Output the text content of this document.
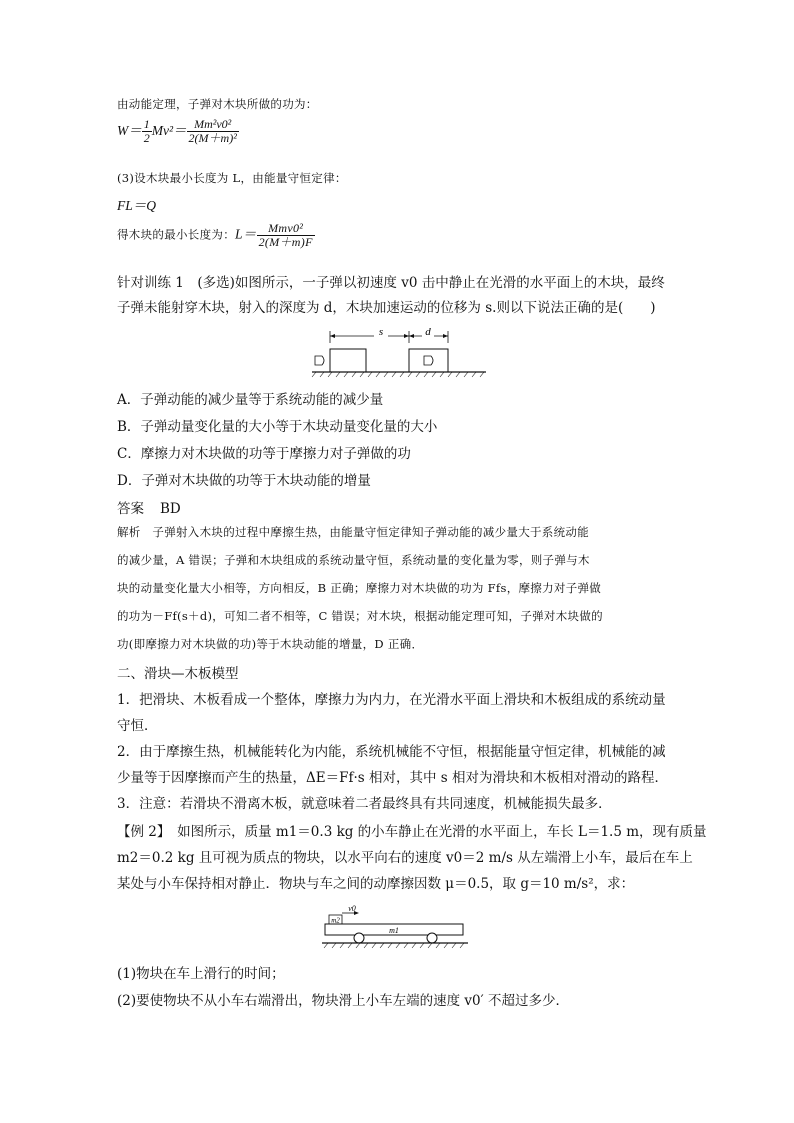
由动能定理，子弹对木块所做的功为：
$W= \frac{1}{2} Mv^2= \frac{\text{Mm²v0²}}{\text{2(M＋m)²}}$
(3)设木块最小长度为 L，由能量守恒定律：
FL＝Q
得木块的最小长度为：$L= \frac{\text{Mmv0²}}{2(M+m)F}$
针对训练 1　(多选)如图所示，一子弹以初速度 v0 击中静止在光滑的水平面上的木块，最终
子弹未能射穿木块，射入的深度为 d，木块加速运动的位移为 s.则以下说法正确的是(　　)
s	d
A．子弹动能的减少量等于系统动能的减少量
B．子弹动量变化量的大小等于木块动量变化量的大小
C．摩擦力对木块做的功等于摩擦力对子弹做的功
D．子弹对木块做的功等于木块动能的增量
答案 BD
解析　子弹射入木块的过程中摩擦生热，由能量守恒定律知子弹动能的减少量大于系统动能
的减少量，A 错误；子弹和木块组成的系统动量守恒，系统动量的变化量为零，则子弹与木
块的动量变化量大小相等，方向相反，B 正确；摩擦力对木块做的功为 Ffs，摩擦力对子弹做
的功为－Ff(s＋d)，可知二者不相等，C 错误；对木块，根据动能定理可知，子弹对木块做的
功(即摩擦力对木块做的功)等于木块动能的增量，D 正确．
二、滑块—木板模型
1．把滑块、木板看成一个整体，摩擦力为内力，在光滑水平面上滑块和木板组成的系统动量
守恒．
2．由于摩擦生热，机械能转化为内能，系统机械能不守恒，根据能量守恒定律，机械能的减
少量等于因摩擦而产生的热量，ΔE＝Ff·s 相对，其中 s 相对为滑块和木板相对滑动的路程．
3．注意：若滑块不滑离木板，就意味着二者最终具有共同速度，机械能损失最多．
【例 2】　如图所示，质量 m1＝0.3 kg 的小车静止在光滑的水平面上，车长 L＝1.5 m，现有质量
m2＝0.2 kg 且可视为质点的物块，以水平向右的速度 v0＝2 m/s 从左端滑上小车，最后在车上
某处与小车保持相对静止．物块与车之间的动摩擦因数 μ＝0.5，取 g＝10 m/s²，求：
v0
m2
m1
(1)物块在车上滑行的时间；
(2)要使物块不从小车右端滑出，物块滑上小车左端的速度 v0′ 不超过多少．
